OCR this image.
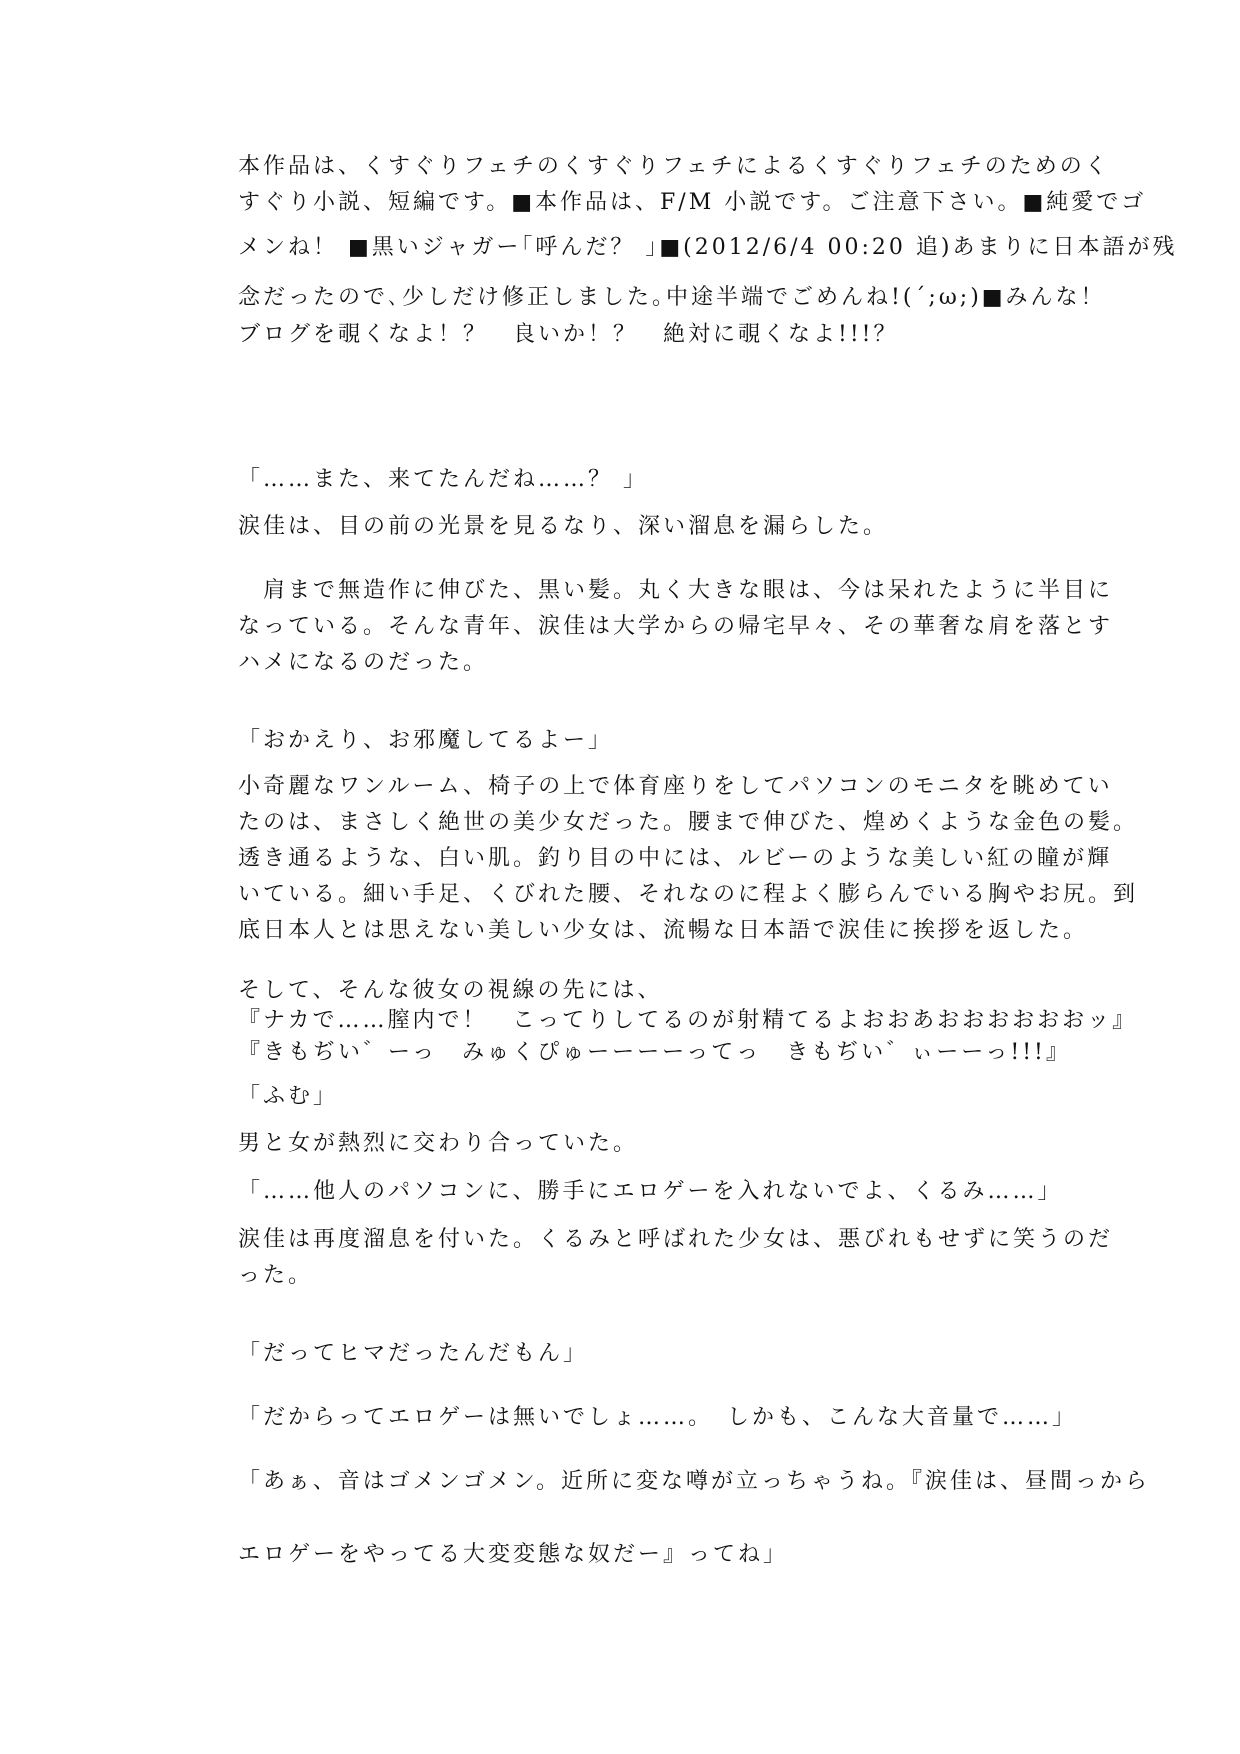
本作品は、くすぐりフェチのくすぐりフェチによるくすぐりフェチのためのく
すぐり小説、短編です。■本作品は、F/M 小説です。ご注意下さい。■純愛でゴ
メンね！ ■黒いジャガー｢呼んだ？ ｣■(2012/6/4 00:20 追)あまりに日本語が残
念だったので､少しだけ修正しました｡中途半端でごめんね!(´;ω;)■みんな！
ブログを覗くなよ！？　良いか！？　絶対に覗くなよ!!!？
「……また、来てたんだね……？ 」
涙佳は、目の前の光景を見るなり、深い溜息を漏らした。
　肩まで無造作に伸びた、黒い髪。丸く大きな眼は、今は呆れたように半目に
なっている。そんな青年、涙佳は大学からの帰宅早々、その華奢な肩を落とす
ハメになるのだった。
「おかえり、お邪魔してるよー」
小奇麗なワンルーム、椅子の上で体育座りをしてパソコンのモニタを眺めてい
たのは、まさしく絶世の美少女だった。腰まで伸びた、煌めくような金色の髪。
透き通るような、白い肌。釣り目の中には、ルビーのような美しい紅の瞳が輝
いている。細い手足、くびれた腰、それなのに程よく膨らんでいる胸やお尻。到
底日本人とは思えない美しい少女は、流暢な日本語で涙佳に挨拶を返した。
そして、そんな彼女の視線の先には、
『ナカで……膣内で！　こってりしてるのが射精てるよおおあおおおおおおッ』
『きもぢい゛ーっ　みゅくぴゅーーーーってっ　きもぢい゛ぃーーっ!!!』
「ふむ」
男と女が熱烈に交わり合っていた。
「……他人のパソコンに、勝手にエロゲーを入れないでよ、くるみ……」
涙佳は再度溜息を付いた。くるみと呼ばれた少女は、悪びれもせずに笑うのだ
った。
「だってヒマだったんだもん」
「だからってエロゲーは無いでしょ……。　しかも、こんな大音量で……」
「あぁ、音はゴメンゴメン。近所に変な噂が立っちゃうね。『涙佳は、昼間っから
エロゲーをやってる大変変態な奴だー』ってね」
